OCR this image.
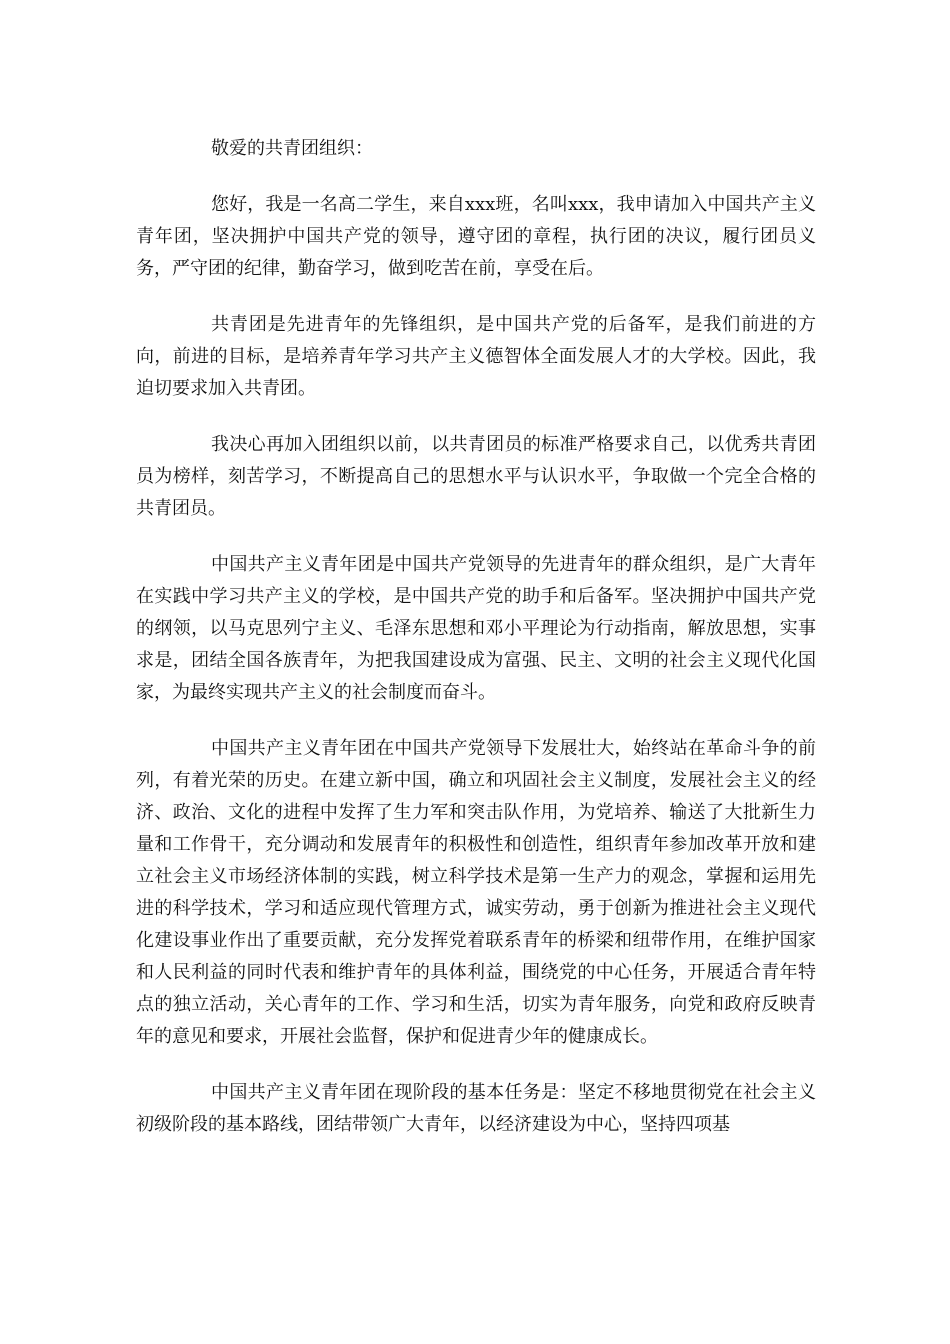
敬爱的共青团组织：

您好，我是一名高二学生，来自xxx班，名叫xxx，我申请加入中国共产主义青年团，坚决拥护中国共产党的领导，遵守团的章程，执行团的决议，履行团员义务，严守团的纪律，勤奋学习，做到吃苦在前，享受在后。

共青团是先进青年的先锋组织，是中国共产党的后备军，是我们前进的方向，前进的目标，是培养青年学习共产主义德智体全面发展人才的大学校。因此，我迫切要求加入共青团。

我决心再加入团组织以前，以共青团员的标准严格要求自己，以优秀共青团员为榜样，刻苦学习，不断提高自己的思想水平与认识水平，争取做一个完全合格的共青团员。

中国共产主义青年团是中国共产党领导的先进青年的群众组织，是广大青年在实践中学习共产主义的学校，是中国共产党的助手和后备军。坚决拥护中国共产党的纲领，以马克思列宁主义、毛泽东思想和邓小平理论为行动指南，解放思想，实事求是，团结全国各族青年，为把我国建设成为富强、民主、文明的社会主义现代化国家，为最终实现共产主义的社会制度而奋斗。

中国共产主义青年团在中国共产党领导下发展壮大，始终站在革命斗争的前列，有着光荣的历史。在建立新中国，确立和巩固社会主义制度，发展社会主义的经济、政治、文化的进程中发挥了生力军和突击队作用，为党培养、输送了大批新生力量和工作骨干，充分调动和发展青年的积极性和创造性，组织青年参加改革开放和建立社会主义市场经济体制的实践，树立科学技术是第一生产力的观念，掌握和运用先进的科学技术，学习和适应现代管理方式，诚实劳动，勇于创新为推进社会主义现代化建设事业作出了重要贡献，充分发挥党着联系青年的桥梁和纽带作用，在维护国家和人民利益的同时代表和维护青年的具体利益，围绕党的中心任务，开展适合青年特点的独立活动，关心青年的工作、学习和生活，切实为青年服务，向党和政府反映青年的意见和要求，开展社会监督，保护和促进青少年的健康成长。

中国共产主义青年团在现阶段的基本任务是：坚定不移地贯彻党在社会主义初级阶段的基本路线，团结带领广大青年，以经济建设为中心，坚持四项基
